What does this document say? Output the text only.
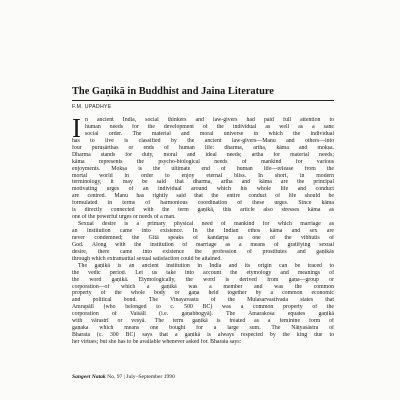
The Gaṇikā in Buddhist and Jaina Literature
F.M. UPADHYE
I n ancient India, social thinkers and law-givers had paid full attention to
human needs for the development of the individual as well as a sane
social order. The material and moral universe in which the individual
has to live is classified by the ancient law-givers—Manu and others—into
four puruṣārthas or ends of human life: dharma, artha, kāma and mokṣa.
Dharma stands for duty, moral and ideal needs; artha for material needs;
kāma represents the psycho-biological needs of mankind for various
enjoyments. Mokṣa is the ultimate end of human life—release from the
mortal world in order to enjoy eternal bliss. In short, in modern
terminology, it may be said that dharma, artha and kāma are the principal
motivating urges of an individual around which his whole life and conduct
are centred. Manu has rightly said that the entire conduct of life should be
formulated in terms of harmonious coordination of these urges. Since kāma
is directly connected with the term gaṇikā, this article also stresses kāma as
one of the powerful urges or needs of a man.
Sexual desire is a primary physical need of mankind for which marriage as
an institution came into existence. In the Indian ethos kāma and sex are
never condemned; the Gītā speaks of kandarpa as one of the vibhutis of
God. Along with the institution of marriage as a means of gratifying sexual
desire, there came into existence the profession of prostitutes and gaṇikās
through which extramarital sexual satisfaction could be attained.
The gaṇikā is an ancient institution in India and its origin can be traced to
the vedic period. Let us take into account the etymology and meanings of
the word gaṇikā. Etymologically, the word is derived from gaṇa—group or
corporation—of which a gaṇikā was a member and was the common
property of the whole body or gaṇa held together by a common economic
and political bond. The Vinayavastu of the Mulasarvastivada states that
Āmrapālī (who belonged to c. 500 BC) was a common property of the
corporation of Vaiśālī (i.e. gaṇabhogyā). The Amarakośa equates gaṇikā
with vārastrī or veśyā. The term gaṇikā is treated as a feminine form of
gaṇaka which means one bought for a large sum. The Nāṭyaśāstra of
Bharata (c. 300 BC) says that a gaṇikā is always respected by the king due to
her virtues; but she has to be available whenever asked for. Bharata says:
Sangeet Natak No. 97 | July–September 1990
